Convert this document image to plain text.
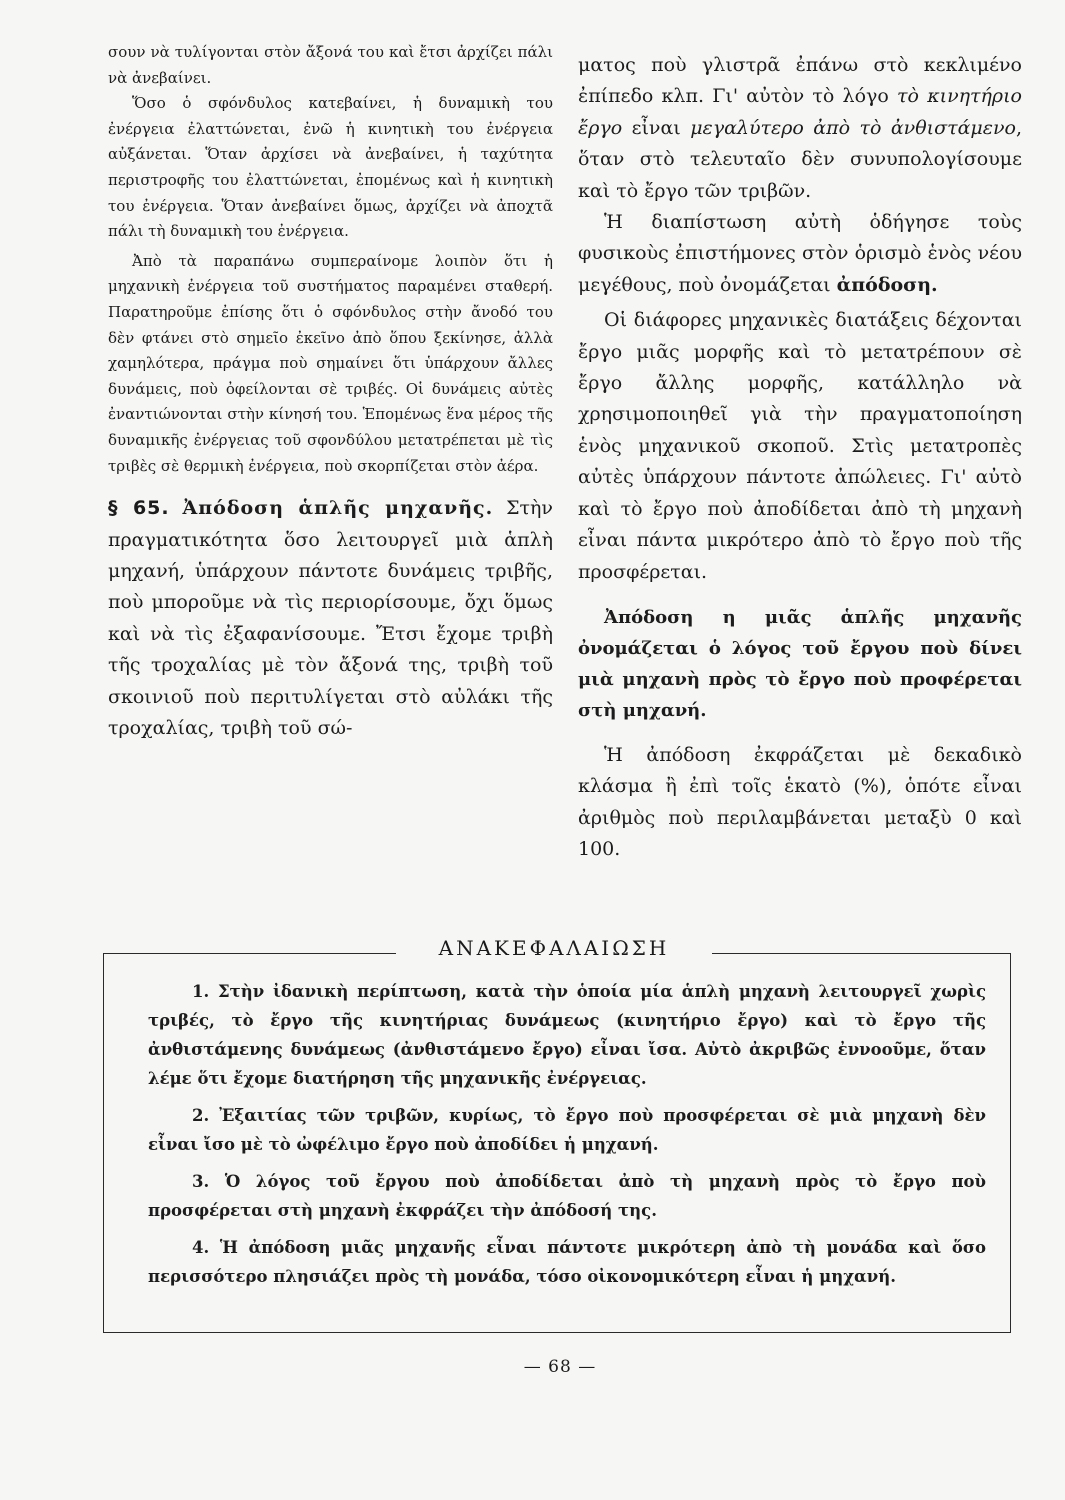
σουν νὰ τυλίγονται στὸν ἄξονά του καὶ ἔτσι ἀρχίζει πάλι νὰ ἀνεβαίνει.

Ὅσο ὁ σφόνδυλος κατεβαίνει, ἡ δυναμικὴ του ἐνέργεια ἐλαττώνεται, ἐνῶ ἡ κινητικὴ του ἐνέργεια αὐξάνεται. Ὅταν ἀρχίσει νὰ ἀνεβαίνει, ἡ ταχύτητα περιστροφῆς του ἐλαττώνεται, ἐπομένως καὶ ἡ κινητικὴ του ἐνέργεια. Ὅταν ἀνεβαίνει ὅμως, ἀρχίζει νὰ ἀποχτᾶ πάλι τὴ δυναμικὴ του ἐνέργεια.

Ἀπὸ τὰ παραπάνω συμπεραίνομε λοιπὸν ὅτι ἡ μηχανικὴ ἐνέργεια τοῦ συστήματος παραμένει σταθερή. Παρατηροῦμε ἐπίσης ὅτι ὁ σφόνδυλος στὴν ἄνοδό του δὲν φτάνει στὸ σημεῖο ἐκεῖνο ἀπὸ ὅπου ξεκίνησε, ἀλλὰ χαμηλότερα, πράγμα ποὺ σημαίνει ὅτι ὑπάρχουν ἄλλες δυνάμεις, ποὺ ὀφείλονται σὲ τριβές. Οἱ δυνάμεις αὐτὲς ἐναντιώνονται στὴν κίνησή του. Ἑπομένως ἕνα μέρος τῆς δυναμικῆς ἐνέργειας τοῦ σφονδύλου μετατρέπεται μὲ τὶς τριβὲς σὲ θερμικὴ ἐνέργεια, ποὺ σκορπίζεται στὸν ἀέρα.

§ 65. Ἀπόδοση ἁπλῆς μηχανῆς. Στὴν πραγματικότητα ὅσο λειτουργεῖ μιὰ ἁπλὴ μηχανή, ὑπάρχουν πάντοτε δυνάμεις τριβῆς, ποὺ μποροῦμε νὰ τὶς περιορίσουμε, ὄχι ὅμως καὶ νὰ τὶς ἐξαφανίσουμε. Ἔτσι ἔχομε τριβὴ τῆς τροχαλίας μὲ τὸν ἄξονά της, τριβὴ τοῦ σκοινιοῦ ποὺ περιτυλίγεται στὸ αὐλάκι τῆς τροχαλίας, τριβὴ τοῦ σώ-

ματος ποὺ γλιστρᾶ ἐπάνω στὸ κεκλιμένο ἐπίπεδο κλπ. Γι' αὐτὸν τὸ λόγο τὸ κινητήριο ἔργο εἶναι μεγαλύτερο ἀπὸ τὸ ἀνθιστάμενο, ὅταν στὸ τελευταῖο δὲν συνυπολογίσουμε καὶ τὸ ἔργο τῶν τριβῶν.

Ἡ διαπίστωση αὐτὴ ὁδήγησε τοὺς φυσικοὺς ἐπιστήμονες στὸν ὁρισμὸ ἑνὸς νέου μεγέθους, ποὺ ὀνομάζεται ἀπόδοση.

Οἱ διάφορες μηχανικὲς διατάξεις δέχονται ἔργο μιᾶς μορφῆς καὶ τὸ μετατρέπουν σὲ ἔργο ἄλλης μορφῆς, κατάλληλο νὰ χρησιμοποιηθεῖ γιὰ τὴν πραγματοποίηση ἑνὸς μηχανικοῦ σκοποῦ. Στὶς μετατροπὲς αὐτὲς ὑπάρχουν πάντοτε ἀπώλειες. Γι' αὐτὸ καὶ τὸ ἔργο ποὺ ἀποδίδεται ἀπὸ τὴ μηχανὴ εἶναι πάντα μικρότερο ἀπὸ τὸ ἔργο ποὺ τῆς προσφέρεται.

Ἀπόδοση η μιᾶς ἁπλῆς μηχανῆς ὀνομάζεται ὁ λόγος τοῦ ἔργου ποὺ δίνει μιὰ μηχανὴ πρὸς τὸ ἔργο ποὺ προφέρεται στὴ μηχανή.

Ἡ ἀπόδοση ἐκφράζεται μὲ δεκαδικὸ κλάσμα ἢ ἐπὶ τοῖς ἑκατὸ (%), ὁπότε εἶναι ἀριθμὸς ποὺ περιλαμβάνεται μεταξὺ 0 καὶ 100.

ΑΝΑΚΕΦΑΛΑΙΩΣΗ

1. Στὴν ἰδανικὴ περίπτωση, κατὰ τὴν ὁποία μία ἁπλὴ μηχανὴ λειτουργεῖ χωρὶς τριβές, τὸ ἔργο τῆς κινητήριας δυνάμεως (κινητήριο ἔργο) καὶ τὸ ἔργο τῆς ἀνθιστάμενης δυνάμεως (ἀνθιστάμενο ἔργο) εἶναι ἴσα. Αὐτὸ ἀκριβῶς ἐννοοῦμε, ὅταν λέμε ὅτι ἔχομε διατήρηση τῆς μηχανικῆς ἐνέργειας.

2. Ἐξαιτίας τῶν τριβῶν, κυρίως, τὸ ἔργο ποὺ προσφέρεται σὲ μιὰ μηχανὴ δὲν εἶναι ἴσο μὲ τὸ ὠφέλιμο ἔργο ποὺ ἀποδίδει ἡ μηχανή.

3. Ὁ λόγος τοῦ ἔργου ποὺ ἀποδίδεται ἀπὸ τὴ μηχανὴ πρὸς τὸ ἔργο ποὺ προσφέρεται στὴ μηχανὴ ἐκφράζει τὴν ἀπόδοσή της.

4. Ἡ ἀπόδοση μιᾶς μηχανῆς εἶναι πάντοτε μικρότερη ἀπὸ τὴ μονάδα καὶ ὅσο περισσότερο πλησιάζει πρὸς τὴ μονάδα, τόσο οἰκονομικότερη εἶναι ἡ μηχανή.

— 68 —
